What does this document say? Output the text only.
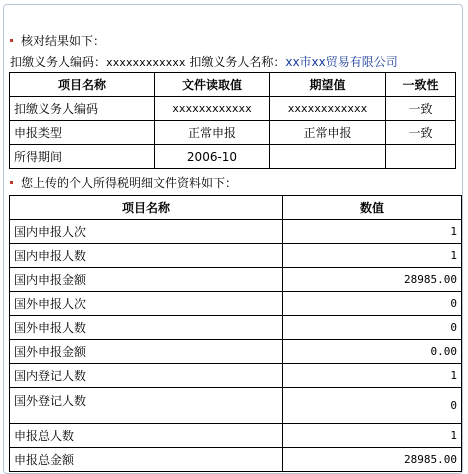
核对结果如下：
扣缴义务人编码：xxxxxxxxxxxx 扣缴义务人名称：xx市xx贸易有限公司
项目名称	文件读取值	期望值	一致性
扣缴义务人编码	xxxxxxxxxxxx	xxxxxxxxxxxx	一致
申报类型	正常申报	正常申报	一致
所得期间	2006-10		
您上传的个人所得税明细文件资料如下：
项目名称	数值
国内申报人次	1
国内申报人数	1
国内申报金额	28985.00
国外申报人次	0
国外申报人数	0
国外申报金额	0.00
国内登记人数	1
国外登记人数	0
申报总人数	1
申报总金额	28985.00
